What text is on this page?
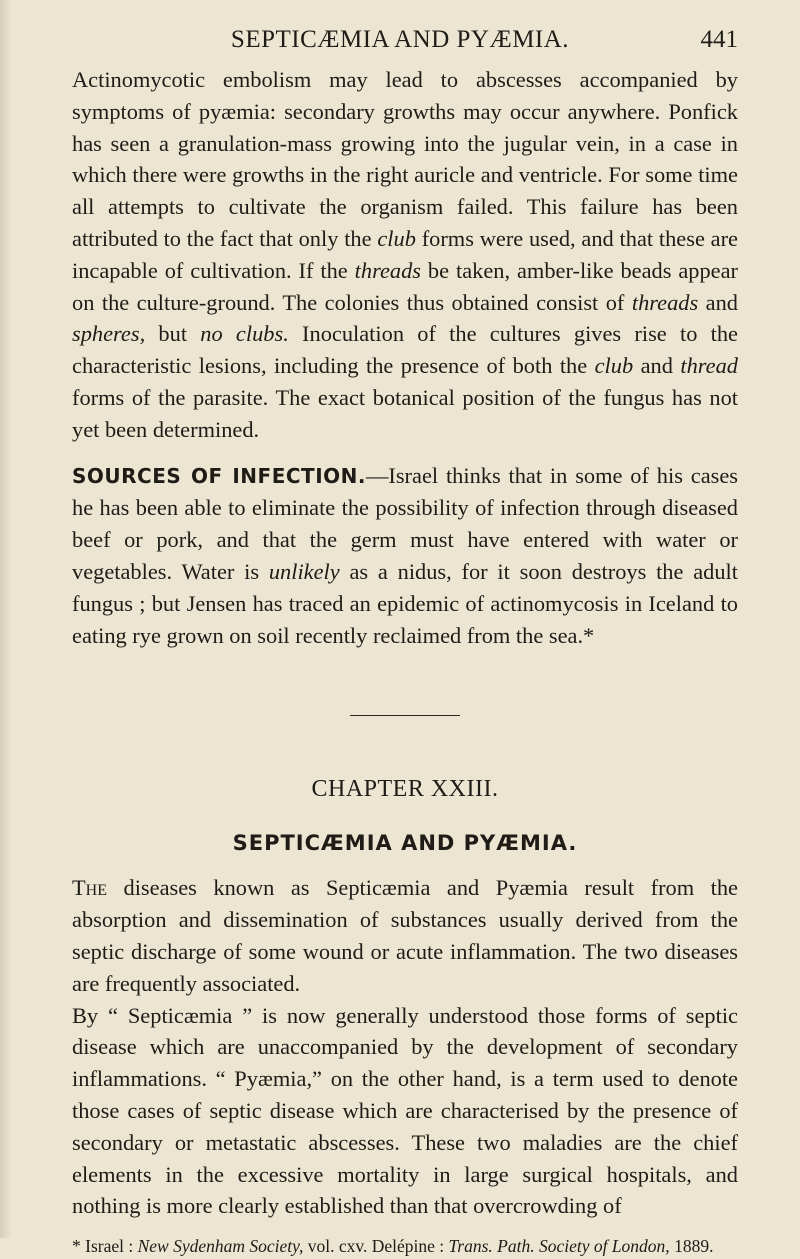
SEPTICÆMIA AND PYÆMIA.	441

Actinomycotic embolism may lead to abscesses accompanied by symptoms of pyæmia: secondary growths may occur anywhere. Ponfick has seen a granulation-mass growing into the jugular vein, in a case in which there were growths in the right auricle and ventricle. For some time all attempts to cultivate the organism failed. This failure has been attributed to the fact that only the club forms were used, and that these are incapable of cultivation. If the threads be taken, amber-like beads appear on the culture-ground. The colonies thus obtained consist of threads and spheres, but no clubs. Inoculation of the cultures gives rise to the characteristic lesions, including the presence of both the club and thread forms of the parasite. The exact botanical position of the fungus has not yet been determined.

SOURCES OF INFECTION.—Israel thinks that in some of his cases he has been able to eliminate the possibility of infection through diseased beef or pork, and that the germ must have entered with water or vegetables. Water is unlikely as a nidus, for it soon destroys the adult fungus ; but Jensen has traced an epidemic of actinomycosis in Iceland to eating rye grown on soil recently reclaimed from the sea.*

CHAPTER XXIII.
SEPTICÆMIA AND PYÆMIA.

The diseases known as Septicæmia and Pyæmia result from the absorption and dissemination of substances usually derived from the septic discharge of some wound or acute inflammation. The two diseases are frequently associated.

By “ Septicæmia ” is now generally understood those forms of septic disease which are unaccompanied by the development of secondary inflammations. “ Pyæmia,” on the other hand, is a term used to denote those cases of septic disease which are characterised by the presence of secondary or metastatic abscesses. These two maladies are the chief elements in the excessive mortality in large surgical hospitals, and nothing is more clearly established than that overcrowding of

* Israel : New Sydenham Society, vol. cxv. Delépine : Trans. Path. Society of London, 1889.
